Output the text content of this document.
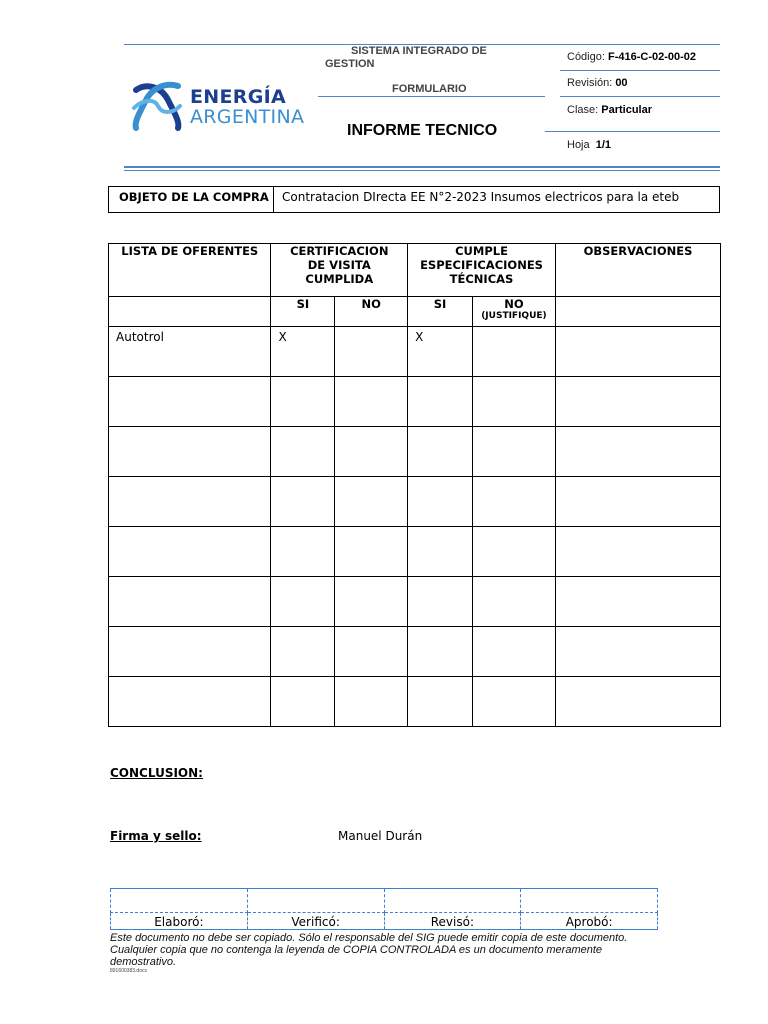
ENERGÍA
ARGENTINA
SISTEMA INTEGRADO DE
GESTION
FORMULARIO
INFORME TECNICO
Código: F-416-C-02-00-02
Revisión: 00
Clase: Particular
Hoja 1/1
OBJETO DE LA COMPRA	Contratacion DIrecta EE N°2-2023 Insumos electricos para la eteb
LISTA DE OFERENTES	CERTIFICACION DE VISITA CUMPLIDA		CUMPLE ESPECIFICACIONES TÉCNICAS		OBSERVACIONES
	SI	NO	SI	NO
(JUSTIFIQUE)	

Autotrol	X		X		

CONCLUSION:
Firma y sello:	Manuel Durán

Elaboró:	Verificó:	Revisó:	Aprobó:
Este documento no debe ser copiado. Sólo el responsable del SIG puede emitir copia de este documento. Cualquier copia que no contenga la leyenda de COPIA CONTROLADA es un documento meramente demostrativo.
891600383.docx
